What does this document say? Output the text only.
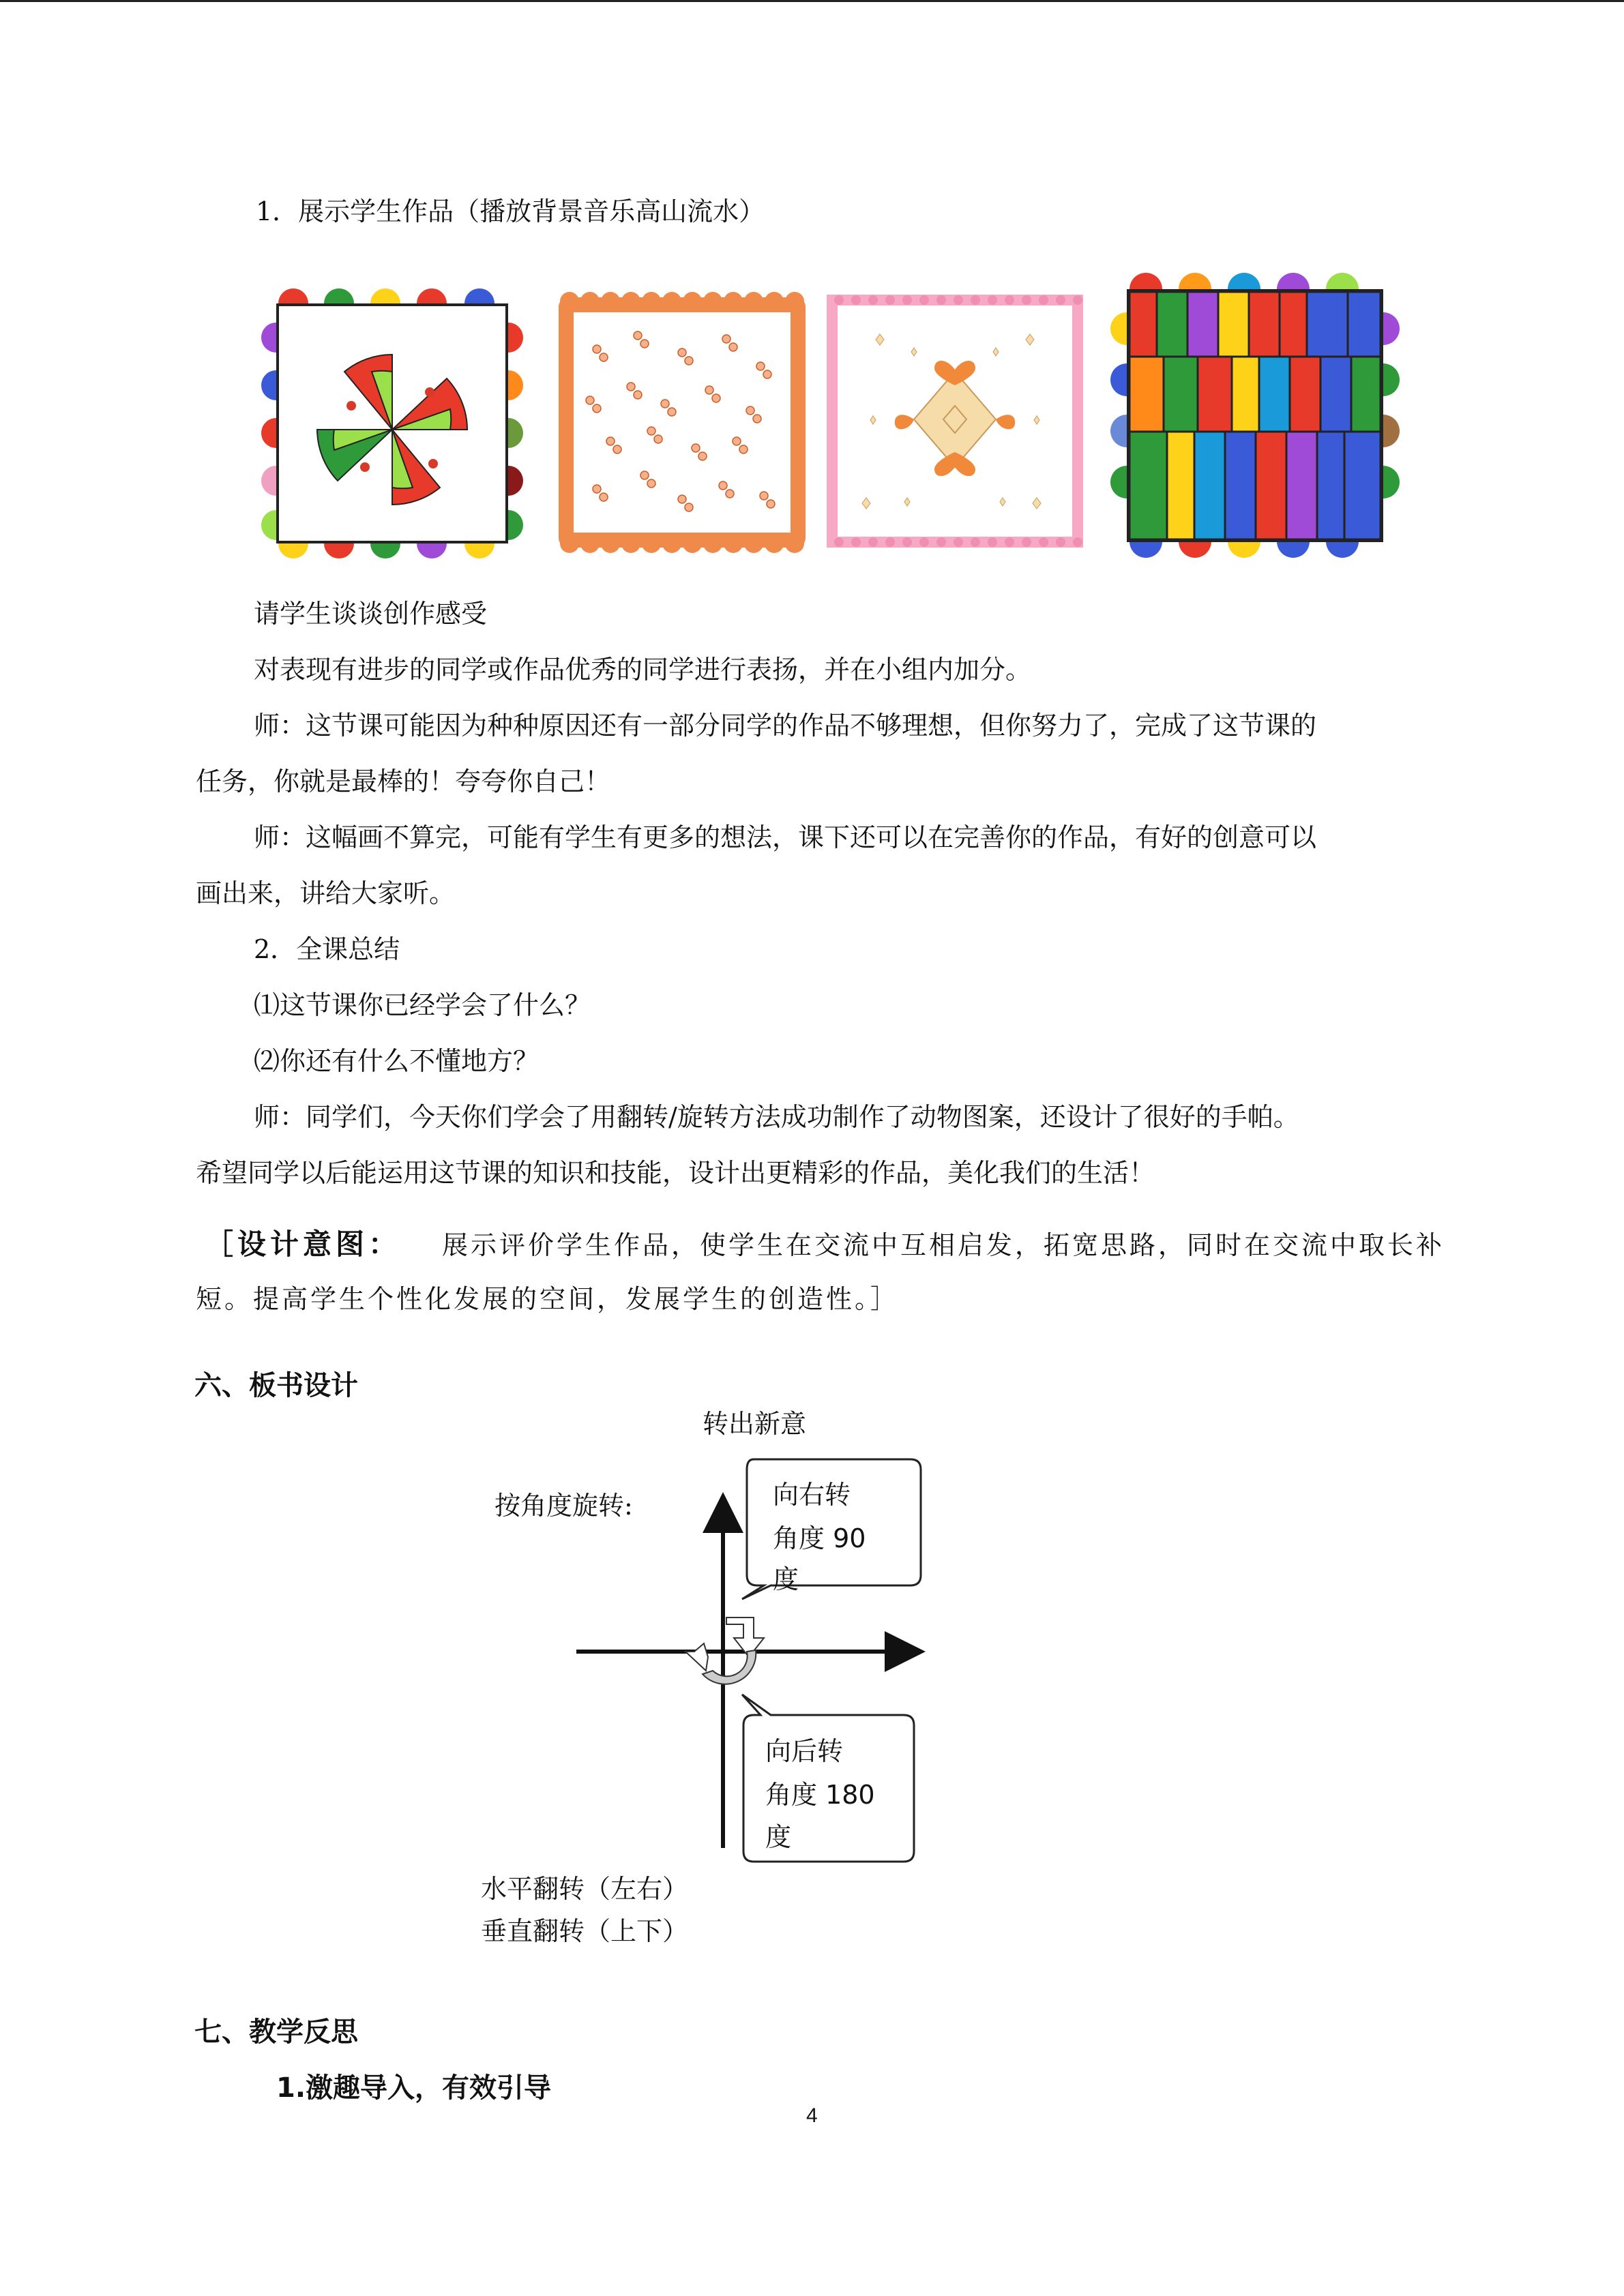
1．展示学生作品（播放背景音乐高山流水）
请学生谈谈创作感受
对表现有进步的同学或作品优秀的同学进行表扬，并在小组内加分。
师：这节课可能因为种种原因还有一部分同学的作品不够理想，但你努力了，完成了这节课的
任务，你就是最棒的！夸夸你自己！
师：这幅画不算完，可能有学生有更多的想法，课下还可以在完善你的作品，有好的创意可以
画出来，讲给大家听。
2．全课总结
⑴这节课你已经学会了什么？
⑵你还有什么不懂地方？
师：同学们，今天你们学会了用翻转/旋转方法成功制作了动物图案，还设计了很好的手帕。
希望同学以后能运用这节课的知识和技能，设计出更精彩的作品，美化我们的生活！
［设计意图： 展示评价学生作品，使学生在交流中互相启发，拓宽思路，同时在交流中取长补
短。提高学生个性化发展的空间，发展学生的创造性。］
六、板书设计
转出新意
按角度旋转:	向右转
角度 90
度
向后转
角度 180
度
水平翻转（左右）
垂直翻转（上下）
七、教学反思
1.激趣导入，有效引导
4
